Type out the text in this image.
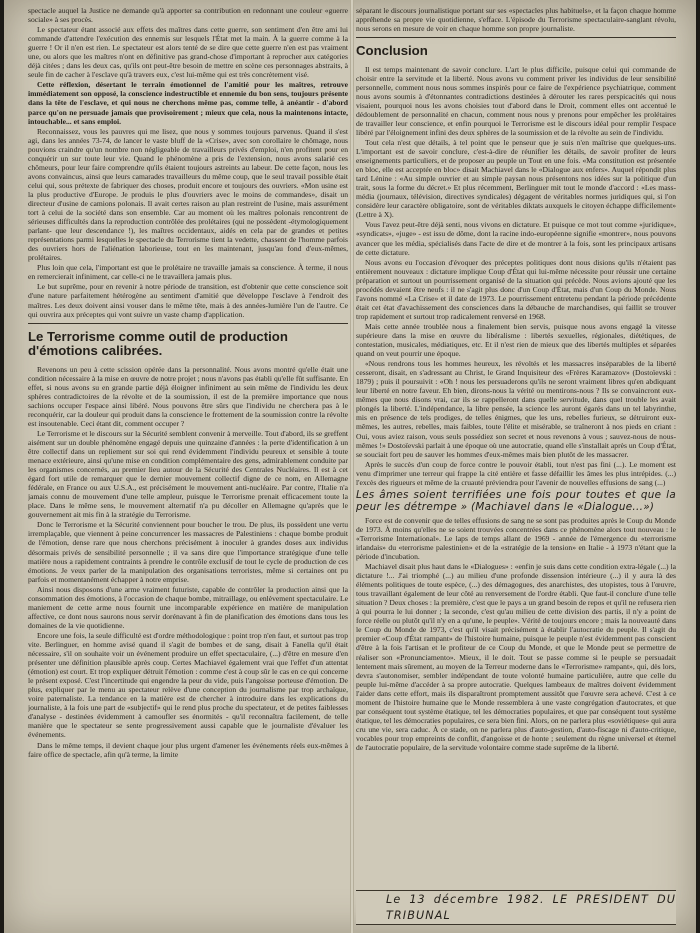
spectacle auquel la Justice ne demande qu'à apporter sa contribution en redonnant une couleur «guerre sociale» à ses procès.

Le spectateur étant associé aux effets des maîtres dans cette guerre, son sentiment d'en être ami lui commande d'attendre l'exécution des ennemis sur lesquels l'État met la main. À la guerre comme à la guerre ! Or il n'en est rien. Le spectateur est alors tenté de se dire que cette guerre n'en est pas vraiment une, ou alors que les maîtres n'ont en définitive pas grand-chose d'important à reprocher aux catégories déjà citées ; dans les deux cas, qu'ils ont peut-être besoin de mettre en scène ces personnages abstraits, à seule fin de cacher à l'esclave qu'à travers eux, c'est lui-même qui est très concrètement visé.

Cette réflexion, désertant le terrain émotionnel de l'amitié pour les maîtres, retrouve immédiatement son opposé, la conscience indestructible et ennemie du bon sens, toujours présente dans la tête de l'esclave, et qui nous ne cherchons même pas, comme telle, à anéantir - d'abord parce qu'on ne persuade jamais que provisoirement ; mieux que cela, nous la maintenons intacte, intouchable... et sans emploi.

Reconnaissez, vous les pauvres qui me lisez, que nous y sommes toujours parvenus. Quand il s'est agi, dans les années 73-74, de lancer le vaste bluff de la «Crise», avec son corollaire le chômage, nous pouvions craindre qu'un nombre non négligeable de travailleurs privés d'emploi, n'en profitent pour en conquérir un sur toute leur vie. Quand le phénomène a pris de l'extension, nous avons salarié ces chômeurs, pour leur faire comprendre qu'ils étaient toujours astreints au labeur. De cette façon, nous les avons convaincus, ainsi que leurs camarades travailleurs du même coup, que le seul travail possible était celui qui, sous prétexte de fabriquer des choses, produit encore et toujours des ouvriers. «Mon usine est la plus productive d'Europe. Je produis le plus d'ouvriers avec le moins de commandes», disait un directeur d'usine de camions polonais. Il avait certes raison au plan restreint de l'usine, mais assurément tort à celui de la société dans son ensemble. Car au moment où les maîtres polonais rencontrent de sérieuses difficultés dans la reproduction contrôlée des prolétaires (qui ne possèdent -étymologiquement parlant- que leur descendance !), les maîtres occidentaux, aidés en cela par de grandes et petites représentations parmi lesquelles le spectacle du Terrorisme tient la vedette, chassent de l'homme parfois des ouvriers hors de l'aliénation laborieuse, tout en les maintenant, jusqu'au fond d'eux-mêmes, prolétaires.

Plus loin que cela, l'important est que le prolétaire ne travaille jamais sa conscience. À terme, il nous en remercierait infiniment, car celle-ci ne le travaillera jamais plus.

Le but suprême, pour en revenir à notre période de transition, est d'obtenir que cette conscience soit d'une nature parfaitement hétérogène au sentiment d'amitié que développe l'esclave à l'endroit des maîtres. Les deux doivent ainsi vouser dans le même tête, mais à des années-lumière l'un de l'autre. Ce qui ouvrira aux préceptes qui vont suivre un vaste champ d'application.

Le Terrorisme comme outil de production d'émotions calibrées.

Revenons un peu à cette scission opérée dans la personnalité. Nous avons montré qu'elle était une condition nécessaire à la mise en œuvre de notre projet ; nous n'avons pas établi qu'elle fût suffisante. En effet, si nous avons su en grande partie déjà éloigner infiniment au sein même de l'individu les deux sphères contradictoires de la révolte et de la soumission, il est de la première importance que nous sachions occuper l'espace ainsi libéré. Nous pouvons être sûrs que l'individu ne cherchera pas à le reconquérir, car la douleur qui produit dans la conscience le frottement de la soumission contre la révolte est insoutenable. Ceci étant dit, comment occuper ?

Le Terrorisme et le discours sur la Sécurité semblent convenir à merveille. Tout d'abord, ils se greffent aisément sur un double phénomène engagé depuis une quinzaine d'années : la perte d'identification à un être collectif dans un repliement sur soi qui rend évidemment l'individu peureux et sensible à toute menace extérieure, ainsi qu'une mise en condition complémentaire des gens, admirablement conduite par les organismes concernés, au premier lieu autour de la Sécurité des Centrales Nucléaires. Il est à cet égard fort utile de remarquer que le dernier mouvement collectif digne de ce nom, en Allemagne fédérale, en France ou aux U.S.A., est précisément le mouvement anti-nucléaire. Par contre, l'Italie n'a jamais connu de mouvement d'une telle ampleur, puisque le Terrorisme prenait efficacement toute la place. Dans le même sens, le mouvement alternatif n'a pu décoller en Allemagne qu'après que le gouvernement ait mis fin à la stratégie du Terrorisme.

Donc le Terrorisme et la Sécurité conviennent pour boucher le trou. De plus, ils possèdent une vertu irremplaçable, que viennent à peine concurrencer les massacres de Palestiniens : chaque bombe produit de l'émotion, dense rare que nous cherchons précisément à inoculer à grandes doses aux individus désormais privés de sensibilité personnelle ; il va sans dire que l'importance stratégique d'une telle matière nous a rapidement contraints à prendre le contrôle exclusif de tout le cycle de production de ces émotions. Je veux parler de la manipulation des organisations terroristes, même si certaines ont pu parfois et momentanément échapper à notre emprise.

Ainsi nous disposons d'une arme vraiment futuriste, capable de contrôler la production ainsi que la consommation des émotions, à l'occasion de chaque bombe, mitraillage, ou enlèvement spectaculaire. Le maniement de cette arme nous fournit une incomparable expérience en matière de manipulation affective, ce dont nous saurons nous servir dorénavant à fin de planification des émotions dans tous les domaines de la vie quotidienne.

Encore une fois, la seule difficulté est d'ordre méthodologique : point trop n'en faut, et surtout pas trop vite. Berlinguer, en homme avisé quand il s'agit de bombes et de sang, disait à Fanella qu'il était nécessaire, s'il on souhaite voir un événement produire un effet spectaculaire, (...) d'être en mesure d'en présenter une définition plausible après coup. Certes Machiavel également vrai que l'effet d'un attentat (émotion) est court. Et trop expliquer détruit l'émotion : comme c'est à coup sûr le cas en ce qui concerne le présent exposé. C'est l'incertitude qui engendre la peur du vide, puis l'angoisse porteuse d'émotion. De plus, expliquer par le menu au spectateur relève d'une conception du journalisme par trop archaïque, voire paternaliste. La tendance en la matière est de chercher à introduire dans les explications du journaliste, à la fois une part de «subjectif» qui le rend plus proche du spectateur, et de petites faiblesses d'analyse - destinées évidemment à camoufler ses énormités - qu'il reconnaîtra facilement, de telle manière que le spectateur se sente progressivement aussi capable que le journaliste d'évaluer les événements.

Dans le même temps, il devient chaque jour plus urgent d'amener les événements réels eux-mêmes à faire office de spectacle, afin qu'à terme, la limite

séparant le discours journalistique portant sur ses «spectacles plus habituels», et la façon chaque homme appréhende sa propre vie quotidienne, s'efface. L'épisode du Terrorisme spectaculaire-sanglant révolu, nous serons en mesure de voir en chaque homme son propre journaliste.

Conclusion

Il est temps maintenant de savoir conclure. L'art le plus difficile, puisque celui qui commande de choisir entre la servitude et la liberté. Nous avons vu comment priver les individus de leur sensibilité personnelle, comment nous nous sommes inspirés pour ce faire de l'expérience psychiatrique, comment nous avons soumis à d'étonnantes contradictions destinées à dérouter les rares perspicacités qui nous visaient, pourquoi nous les avons choisies tout d'abord dans le Droit, comment elles ont accentué le dédoublement de personnalité en chacun, comment nous nous y prenons pour empêcher les prolétaires de travailler leur conscience, et enfin pourquoi le Terrorisme est le discours idéal pour remplir l'espace libéré par l'éloignement infini des deux sphères de la soumission et de la révolte au sein de l'individu.

Tout cela n'est que détails, à tel point que le penseur que je suis n'en maîtrise que quelques-uns. L'important est de savoir conclure, c'est-à-dire de réunifier les détails, de savoir profiter de leurs enseignements particuliers, et de proposer au peuple un Tout en une fois. «Ma constitution est présentée en bloc, elle est acceptée en bloc» disait Machiavel dans le «Dialogue aux enfers». Auquel répondit plus tard Lénine : «Au simple ouvrier et au simple paysan nous présentons nos idées sur la politique d'un trait, sous la forme du décret.» Et plus récemment, Berlinguer mit tout le monde d'accord : «Les mass-média (journaux, télévision, directives syndicales) dégagent de véritables normes juridiques qui, si l'on considère leur caractère obligatoire, sont de véritables diktats auxquels le citoyen échappe difficilement» (Lettre à X).

Vous l'avez peut-être déjà senti, nous vivons en dictature. Et puisque ce mot tout comme «juridique», «syndicats», «juge» - est issu de dôme, dont la racine indo-européenne signifie «montrer», nous pouvons avancer que les média, spécialisés dans l'acte de dire et de montrer à la fois, sont les principaux artisans de cette dictature.

Nous avons eu l'occasion d'évoquer des préceptes politiques dont nous disions qu'ils n'étaient pas entièrement nouveaux : dictature implique Coup d'État qui lui-même nécessite pour réussir une certaine préparation et surtout un pourrissement organisé de la situation qui précède. Nous avions ajouté que les procédés devaient être neufs : il ne s'agit plus donc d'un Coup d'État, mais d'un Coup du Monde. Nous l'avons nommé «La Crise» et il date de 1973. Le pourrissement entretenu pendant la période précédente était cet état d'avachissement des consciences dans la débauche de marchandises, qui faillit se trouver trop rapidement et surtout trop radicalement renversé en 1968.

Mais cette année troublée nous a finalement bien servis, puisque nous avons engagé la vitesse supérieure dans la mise en œuvre du libéralisme : libertés sexuelles, régionales, diététiques, de contestation, musicales, médiatiques, etc. Et il n'est rien de mieux que des libertés multiples et séparées quand on veut pourrir une époque.

«Nous rendrons tous les hommes heureux, les révoltés et les massacres inséparables de la liberté cesseront, disait, en s'adressant au Christ, le Grand Inquisiteur des «Frères Karamazov» (Dostoïevski : 1879) ; puis il poursuivit : «Oh ! nous les persuaderons qu'ils ne seront vraiment libres qu'en abdiquant leur liberté en notre faveur. Eh bien, dirons-nous la vérité ou mentirons-nous ? Ils se convaincront eux-mêmes que nous disons vrai, car ils se rappelleront dans quelle servitude, dans quel trouble les avait plongés la liberté. L'indépendance, la libre pensée, la science les auront égarés dans un tel labyrinthe, mis en présence de tels prodiges, de telles énigmes, que les uns, rebelles furieux, se détruiront eux-mêmes, les autres, rebelles, mais faibles, toute l'élite et misérable, se traîneront à nos pieds en criant : Oui, vous aviez raison, vous seuls possédiez son secret et nous revenons à vous ; sauvez-nous de nous-mêmes !» Dostoïevski parlait à une époque où une autocratie, quand elle s'installait après un Coup d'État, se souciait fort peu de sauver les hommes d'eux-mêmes mais bien plutôt de les massacrer.

Après le succès d'un coup de force contre le pouvoir établi, tout n'est pas fini (...). Le moment est venu d'imprimer une terreur qui frappe la cité entière et fasse défaillir les âmes les plus intrépides. (...) l'excès des rigueurs et même de la cruauté préviendra pour l'avenir de nouvelles effusions de sang (...)

Les âmes soient terrifiées une fois pour toutes et que la peur les détrempe » (Machiavel dans le «Dialogue...»)

Force est de convenir que de telles effusions de sang ne se sont pas produites après le Coup du Monde de 1973. À moins qu'elles ne se soient trouvées concentrées dans ce phénomène alors tout nouveau : le «Terrorisme International». Le laps de temps allant de 1969 - année de l'émergence du «terrorisme irlandais» du «terrorisme palestinien» et de la «stratégie de la tension» en Italie - à 1973 n'étant que la période d'incubation.

Machiavel disait plus haut dans le «Dialogues» : «enfin je suis dans cette condition extra-légale (...) la dictature !... J'ai triomphé (...) au milieu d'une profonde dissension intérieure (...) il y aura là des éléments politiques de toute espèce, (...) des démagogues, des anarchistes, des utopistes, tous à l'œuvre, tous travaillant également de leur côté au renversement de l'ordre établi. Que faut-il conclure d'une telle situation ? Deux choses : la première, c'est que le pays a un grand besoin de repos et qu'il ne refusera rien à qui pourra le lui donner ; la seconde, c'est qu'au milieu de cette division des partis, il n'y a point de force réelle ou plutôt qu'il n'y en a qu'une, le peuple». Vérité de toujours encore ; mais la nouveauté dans le Coup du Monde de 1973, c'est qu'il visait précisément à établir l'autocratie du peuple. Il s'agit du premier «Coup d'État rampant» de l'histoire humaine, puisque le peuple n'est évidemment pas conscient d'être à la fois l'artisan et le profiteur de ce Coup du Monde, et que le Monde peut se permettre de réaliser son «Pronunciamento». Mieux, il le doit. Tout se passe comme si le peuple se persuadait lentement mais sûrement, au moyen de la Terreur moderne dans le «Terrorisme» rampant», qui, dès lors, devra s'autonomiser, sembler indépendant de toute volonté humaine particulière, autre que celle du peuple lui-même d'accéder à sa propre autocratie. Quelques lambeaux de maîtres doivent évidemment l'aider dans cette effort, mais ils disparaîtront promptement aussitôt que l'œuvre sera achevé. C'est à ce moment de l'histoire humaine que le Monde ressemblera à une vaste congrégation d'autocrates, et que par conséquent tout système étatique, tel les démocraties populaires, et que par conséquent tout système étatique, tel les démocraties populaires, ce sera bien fini. Alors, on ne parlera plus «soviétiques» qui aura cru une vie, sera caduc. À ce stade, on ne parlera plus d'auto-gestion, d'auto-fiscage ni d'auto-critique, vocables pour trop empreints de conflit, d'angoisse et de honte ; seulement du règne universel et éternel de l'autocratie populaire, de la servitude volontaire comme stade suprême de la liberté.

Le 13 décembre 1982. LE PRESIDENT DU TRIBUNAL
